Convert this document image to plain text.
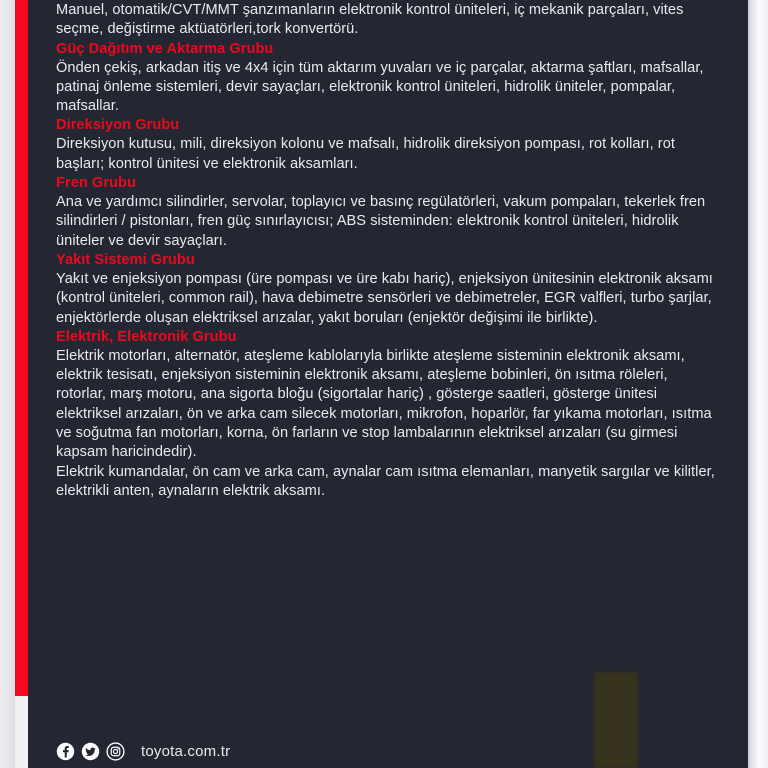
Manuel, otomatik/CVT/MMT şanzımanların elektronik kontrol üniteleri, iç mekanik parçaları, vites seçme, değiştirme aktüatörleri,tork konvertörü.

Güç Dağıtım ve Aktarma Grubu

Önden çekiş, arkadan itiş ve 4x4 için tüm aktarım yuvaları ve iç parçalar, aktarma şaftları, mafsallar, patinaj önleme sistemleri, devir sayaçları, elektronik kontrol üniteleri, hidrolik üniteler, pompalar, mafsallar.

Direksiyon Grubu

Direksiyon kutusu, mili, direksiyon kolonu ve mafsalı, hidrolik direksiyon pompası, rot kolları, rot başları; kontrol ünitesi ve elektronik aksamları.

Fren Grubu

Ana ve yardımcı silindirler, servolar, toplayıcı ve basınç regülatörleri, vakum pompaları, tekerlek fren silindirleri / pistonları, fren güç sınırlayıcısı; ABS sisteminden: elektronik kontrol üniteleri, hidrolik üniteler ve devir sayaçları.

Yakıt Sistemi Grubu

Yakıt ve enjeksiyon pompası (üre pompası ve üre kabı hariç), enjeksiyon ünitesinin elektronik aksamı (kontrol üniteleri, common rail), hava debimetre sensörleri ve debimetreler, EGR valfleri, turbo şarjlar, enjektörlerde oluşan elektriksel arızalar, yakıt boruları (enjektör değişimi ile birlikte).

Elektrik, Elektronik Grubu

Elektrik motorları, alternatör, ateşleme kablolarıyla birlikte ateşleme sisteminin elektronik aksamı, elektrik tesisatı, enjeksiyon sisteminin elektronik aksamı, ateşleme bobinleri, ön ısıtma röleleri, rotorlar, marş motoru, ana sigorta bloğu (sigortalar hariç) , gösterge saatleri, gösterge ünitesi elektriksel arızaları, ön ve arka cam silecek motorları, mikrofon, hoparlör, far yıkama motorları, ısıtma ve soğutma fan motorları, korna, ön farların ve stop lambalarının elektriksel arızaları (su girmesi kapsam haricindedir).

Elektrik kumandalar, ön cam ve arka cam, aynalar cam ısıtma elemanları, manyetik sargılar ve kilitler, elektrikli anten, aynaların elektrik aksamı.

toyota.com.tr
